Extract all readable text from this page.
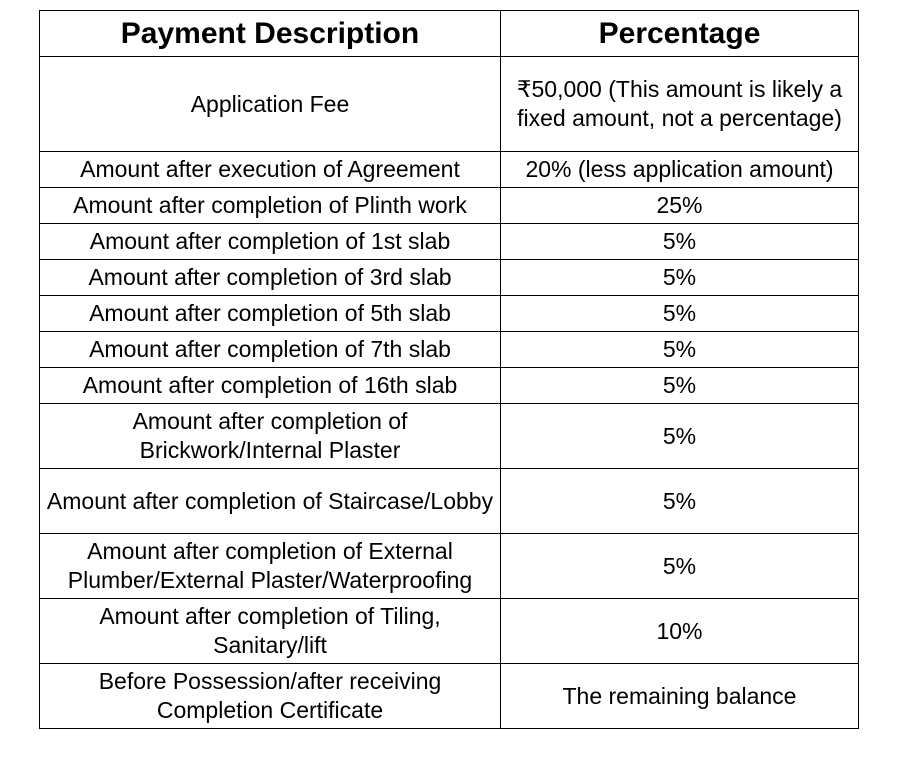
Payment Description	Percentage
Application Fee	₹50,000 (This amount is likely a fixed amount, not a percentage)
Amount after execution of Agreement	20% (less application amount)
Amount after completion of Plinth work	25%
Amount after completion of 1st slab	5%
Amount after completion of 3rd slab	5%
Amount after completion of 5th slab	5%
Amount after completion of 7th slab	5%
Amount after completion of 16th slab	5%
Amount after completion of Brickwork/Internal Plaster	5%
Amount after completion of Staircase/Lobby	5%
Amount after completion of External Plumber/External Plaster/Waterproofing	5%
Amount after completion of Tiling, Sanitary/lift	10%
Before Possession/after receiving Completion Certificate	The remaining balance
